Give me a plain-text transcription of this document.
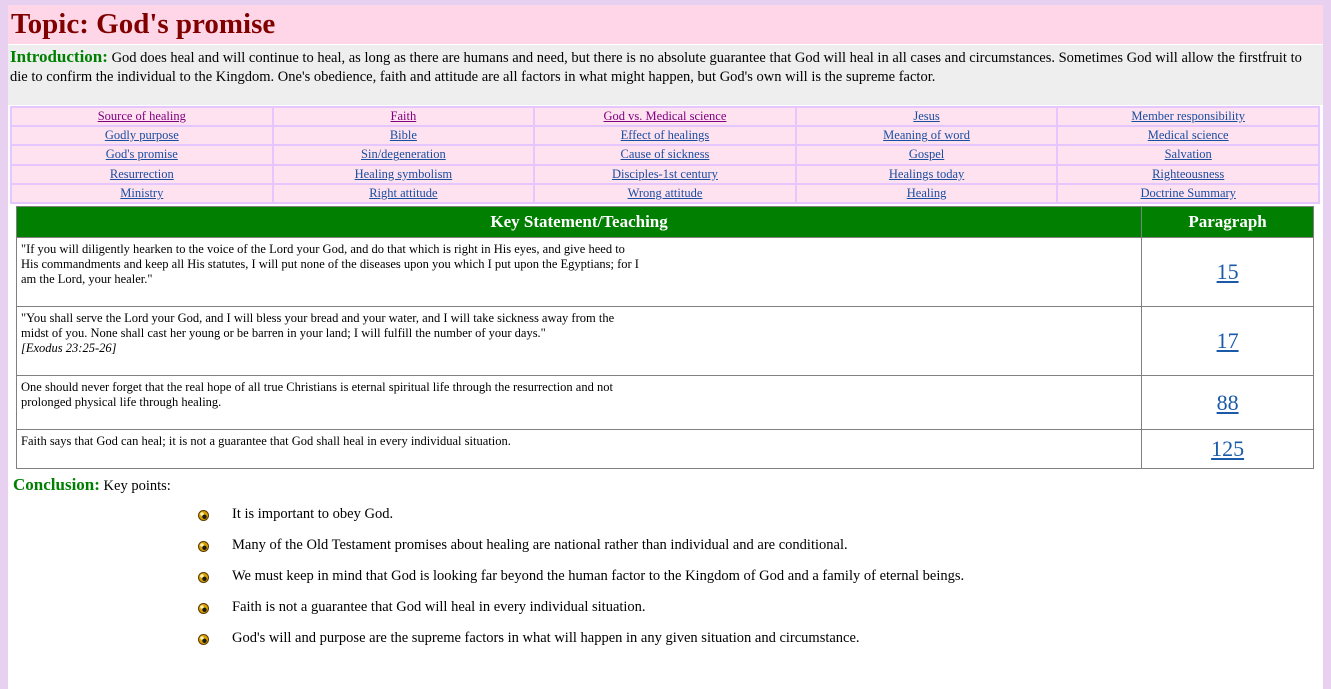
Topic: God's promise

Introduction: God does heal and will continue to heal, as long as there are humans and need, but there is no absolute guarantee that God will heal in all cases and circumstances. Sometimes God will allow the firstfruit to die to confirm the individual to the Kingdom. One's obedience, faith and attitude are all factors in what might happen, but God's own will is the supreme factor.

Source of healing	Faith	God vs. Medical science	Jesus	Member responsibility
Godly purpose	Bible	Effect of healings	Meaning of word	Medical science
God's promise	Sin/degeneration	Cause of sickness	Gospel	Salvation
Resurrection	Healing symbolism	Disciples-1st century	Healings today	Righteousness
Ministry	Right attitude	Wrong attitude	Healing	Doctrine Summary
Key Statement/Teaching	Paragraph

"If you will diligently hearken to the voice of the Lord your God, and do that which is right in His eyes, and give heed to His commandments and keep all His statutes, I will put none of the diseases upon you which I put upon the Egyptians; for I am the Lord, your healer."	15

"You shall serve the Lord your God, and I will bless your bread and your water, and I will take sickness away from the midst of you. None shall cast her young or be barren in your land; I will fulfill the number of your days."
[Exodus 23:25-26]	17

One should never forget that the real hope of all true Christians is eternal spiritual life through the resurrection and not prolonged physical life through healing.	88

Faith says that God can heal; it is not a guarantee that God shall heal in every individual situation.	125
Conclusion: Key points:
It is important to obey God.
Many of the Old Testament promises about healing are national rather than individual and are conditional.
We must keep in mind that God is looking far beyond the human factor to the Kingdom of God and a family of eternal beings.
Faith is not a guarantee that God will heal in every individual situation.
God's will and purpose are the supreme factors in what will happen in any given situation and circumstance.
